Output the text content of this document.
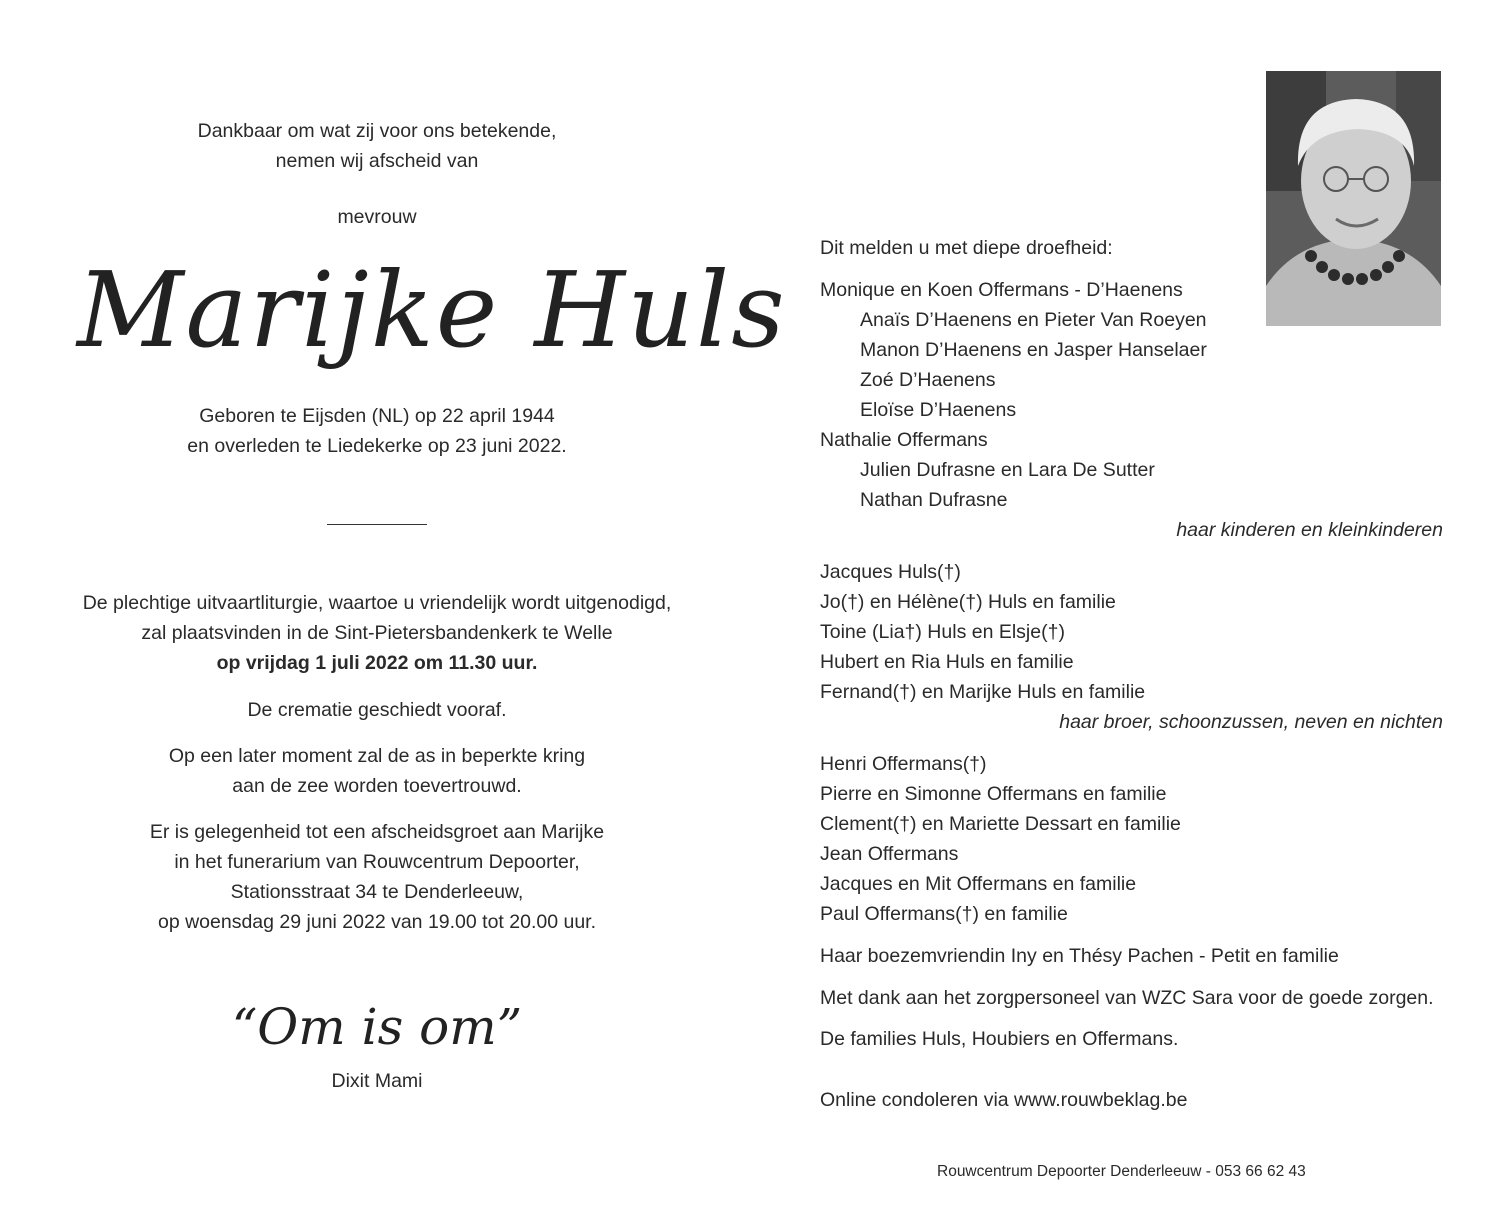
Dankbaar om wat zij voor ons betekende,
nemen wij afscheid van
mevrouw
Marijke Huls
Geboren te Eijsden (NL) op 22 april 1944
en overleden te Liedekerke op 23 juni 2022.
De plechtige uitvaartliturgie, waartoe u vriendelijk wordt uitgenodigd,
zal plaatsvinden in de Sint-Pietersbandenkerk te Welle
op vrijdag 1 juli 2022 om 11.30 uur.
De crematie geschiedt vooraf.
Op een later moment zal de as in beperkte kring
aan de zee worden toevertrouwd.
Er is gelegenheid tot een afscheidsgroet aan Marijke
in het funerarium van Rouwcentrum Depoorter,
Stationsstraat 34 te Denderleeuw,
op woensdag 29 juni 2022 van 19.00 tot 20.00 uur.
“Om is om”
Dixit Mami
Dit melden u met diepe droefheid:
Monique en Koen Offermans - D’Haenens
Anaïs D’Haenens en Pieter Van Roeyen
Manon D’Haenens en Jasper Hanselaer
Zoé D’Haenens
Eloïse D’Haenens
Nathalie Offermans
Julien Dufrasne en Lara De Sutter
Nathan Dufrasne
haar kinderen en kleinkinderen
Jacques Huls(†)
Jo(†) en Hélène(†) Huls en familie
Toine (Lia†) Huls en Elsje(†)
Hubert en Ria Huls en familie
Fernand(†) en Marijke Huls en familie
haar broer, schoonzussen, neven en nichten
Henri Offermans(†)
Pierre en Simonne Offermans en familie
Clement(†) en Mariette Dessart en familie
Jean Offermans
Jacques en Mit Offermans en familie
Paul Offermans(†) en familie
Haar boezemvriendin Iny en Thésy Pachen - Petit en familie
Met dank aan het zorgpersoneel van WZC Sara voor de goede zorgen.
De families Huls, Houbiers en Offermans.
Online condoleren via www.rouwbeklag.be
Rouwcentrum Depoorter Denderleeuw - 053 66 62 43
